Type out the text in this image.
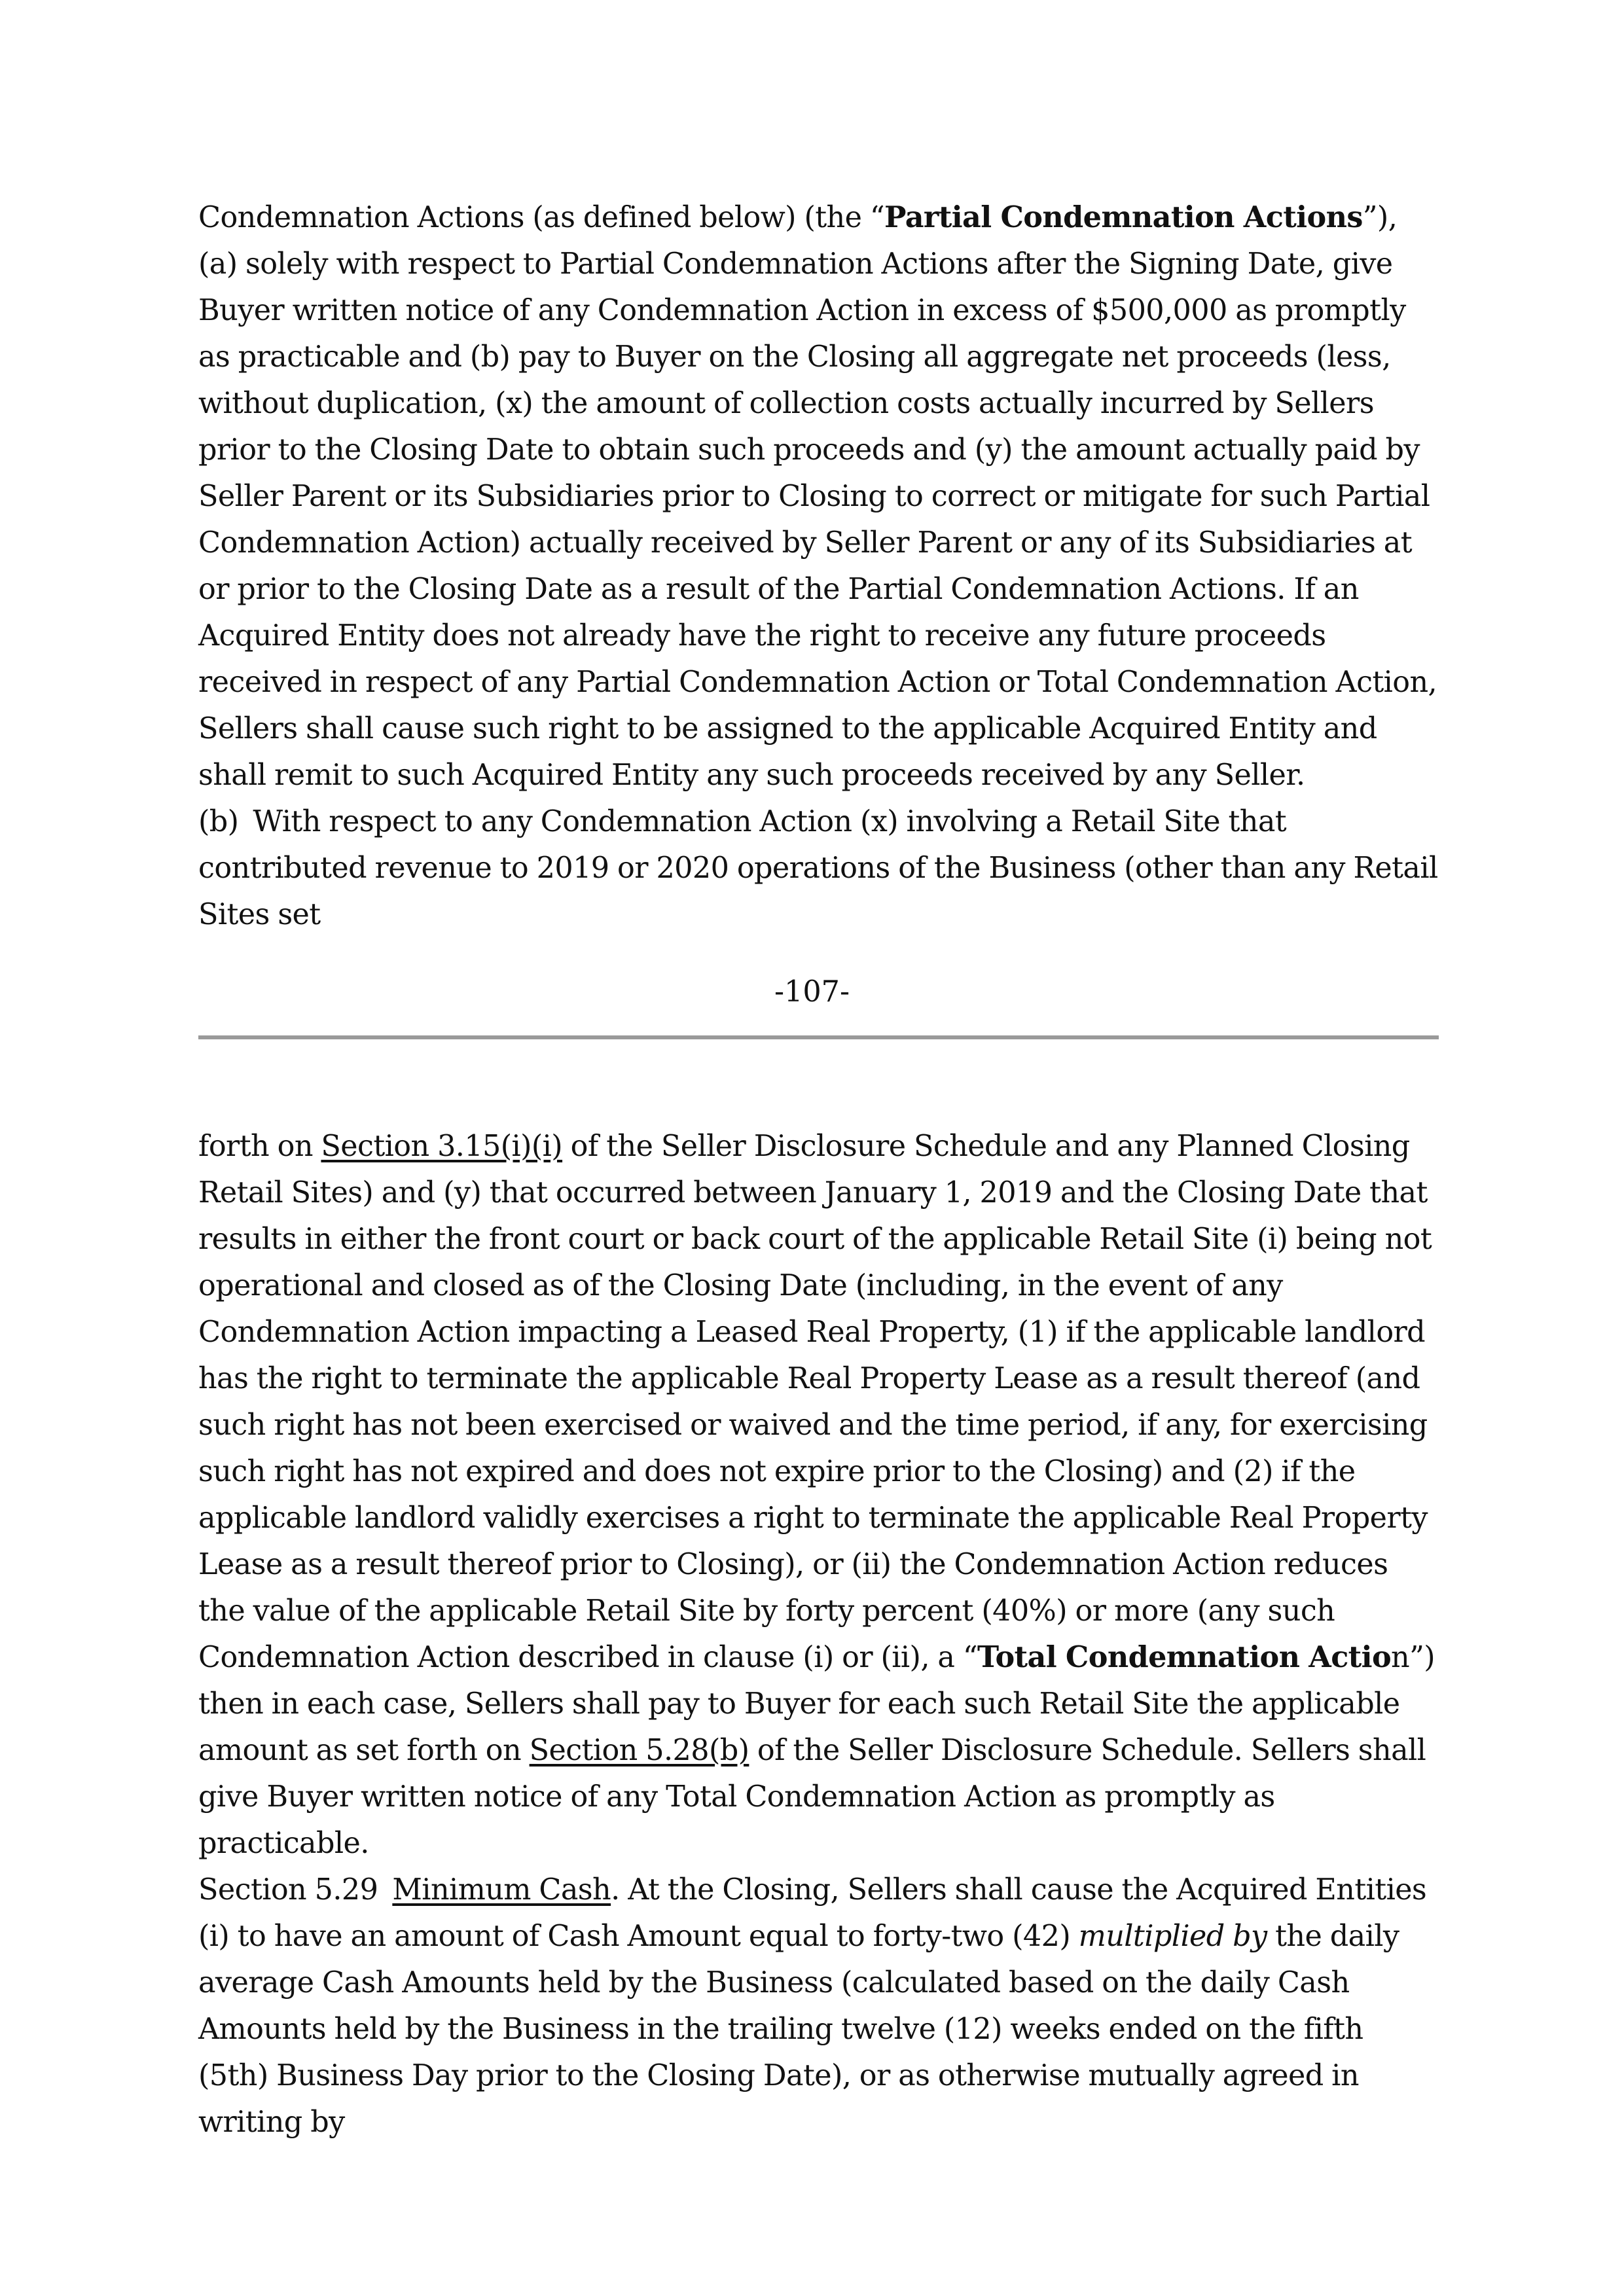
Condemnation Actions (as defined below) (the “Partial Condemnation Actions”), (a) solely with respect to Partial Condemnation Actions after the Signing Date, give Buyer written notice of any Condemnation Action in excess of $500,000 as promptly as practicable and (b) pay to Buyer on the Closing all aggregate net proceeds (less, without duplication, (x) the amount of collection costs actually incurred by Sellers prior to the Closing Date to obtain such proceeds and (y) the amount actually paid by Seller Parent or its Subsidiaries prior to Closing to correct or mitigate for such Partial Condemnation Action) actually received by Seller Parent or any of its Subsidiaries at or prior to the Closing Date as a result of the Partial Condemnation Actions. If an Acquired Entity does not already have the right to receive any future proceeds received in respect of any Partial Condemnation Action or Total Condemnation Action, Sellers shall cause such right to be assigned to the applicable Acquired Entity and shall remit to such Acquired Entity any such proceeds received by any Seller.

(b) With respect to any Condemnation Action (x) involving a Retail Site that contributed revenue to 2019 or 2020 operations of the Business (other than any Retail Sites set

-107-

forth on Section 3.15(i)(i) of the Seller Disclosure Schedule and any Planned Closing Retail Sites) and (y) that occurred between January 1, 2019 and the Closing Date that results in either the front court or back court of the applicable Retail Site (i) being not operational and closed as of the Closing Date (including, in the event of any Condemnation Action impacting a Leased Real Property, (1) if the applicable landlord has the right to terminate the applicable Real Property Lease as a result thereof (and such right has not been exercised or waived and the time period, if any, for exercising such right has not expired and does not expire prior to the Closing) and (2) if the applicable landlord validly exercises a right to terminate the applicable Real Property Lease as a result thereof prior to Closing), or (ii) the Condemnation Action reduces the value of the applicable Retail Site by forty percent (40%) or more (any such Condemnation Action described in clause (i) or (ii), a “Total Condemnation Action”) then in each case, Sellers shall pay to Buyer for each such Retail Site the applicable amount as set forth on Section 5.28(b) of the Seller Disclosure Schedule. Sellers shall give Buyer written notice of any Total Condemnation Action as promptly as practicable.

Section 5.29 Minimum Cash. At the Closing, Sellers shall cause the Acquired Entities (i) to have an amount of Cash Amount equal to forty-two (42) multiplied by the daily average Cash Amounts held by the Business (calculated based on the daily Cash Amounts held by the Business in the trailing twelve (12) weeks ended on the fifth (5th) Business Day prior to the Closing Date), or as otherwise mutually agreed in writing by
